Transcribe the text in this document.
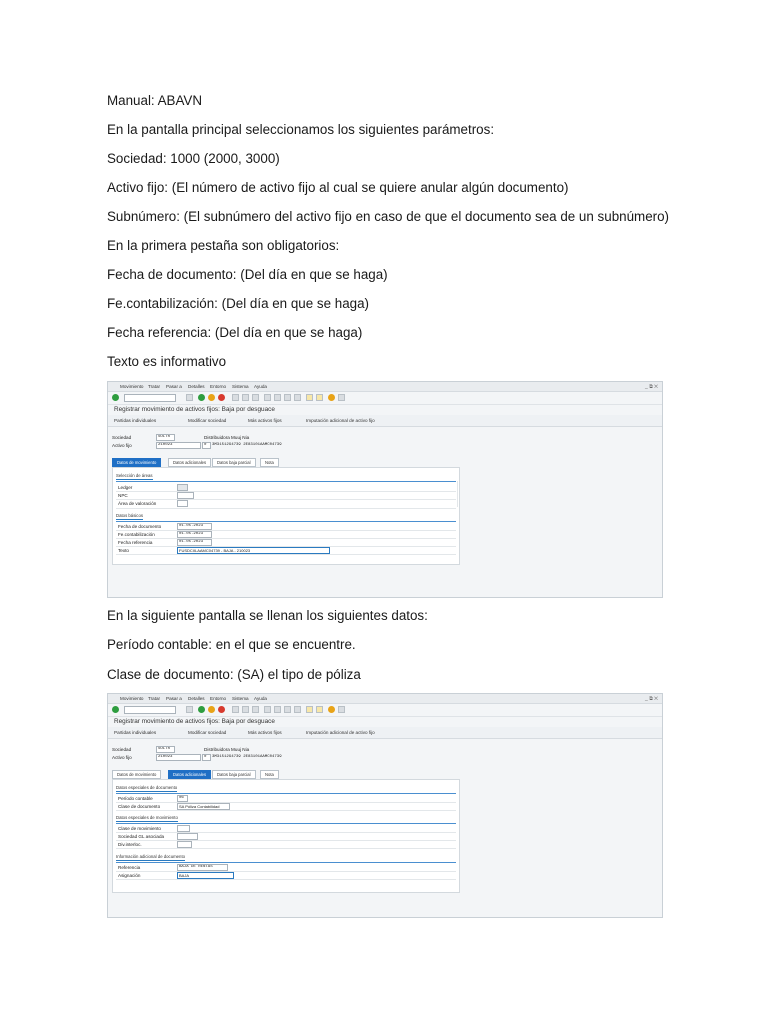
Manual: ABAVN
En la pantalla principal seleccionamos los siguientes parámetros:
Sociedad: 1000 (2000, 3000)
Activo fijo: (El número de activo fijo al cual se quiere anular algún documento)
Subnúmero: (El subnúmero del activo fijo en caso de que el documento sea de un subnúmero)
En la primera pestaña son obligatorios:
Fecha de documento: (Del día en que se haga)
Fe.contabilización: (Del día en que se haga)
Fecha referencia: (Del día en que se haga)
Texto es informativo
Movimiento Tratar Pasar a Detalles Entorno Sistema Ayuda	_ ⧉ ✕
Registrar movimiento de activos fijos: Baja por desguace
Partidas individuales	Modificar sociedad	Más activos fijos	Imputación adicional de activo fijo
Sociedad	SOLTR	Distribuidora Muuj Nia
Activo fijo	210023	0	3M31512G4739 2E83101AAMC04739
Datos de movimiento	Datos adicionales	Datos baja parcial	Nota
Selección de áreas
Ledger
NPC
Área de valoración
Datos básicos
Fecha de documento	01.05.2023
Fe.contabilización	01.05.2023
Fecha referencia	01.05.2023
Texto	FUSDCIILAAMC04739 - BAJA - 210023
En la siguiente pantalla se llenan los siguientes datos:
Período contable: en el que se encuentre.
Clase de documento: (SA) el tipo de póliza
Movimiento Tratar Pasar a Detalles Entorno Sistema Ayuda	_ ⧉ ✕
Registrar movimiento de activos fijos: Baja por desguace
Partidas individuales	Modificar sociedad	Más activos fijos	Imputación adicional de activo fijo
Sociedad	SOLTR	Distribuidora Muuj Nia
Activo fijo	210023	0	3M31512G4739 2E83101AAMC04739
Datos de movimiento	Datos adicionales	Datos baja parcial	Nota
Datos especiales de documento
Período contable	06
Clase de documento	SA Póliza Contabilidad
Datos especiales de movimiento
Clase de movimiento
Sociedad GL asociada
Div.interloc.
Información adicional de documento
Referencia	BAJA DE RENTAS
Asignación	BAJA
